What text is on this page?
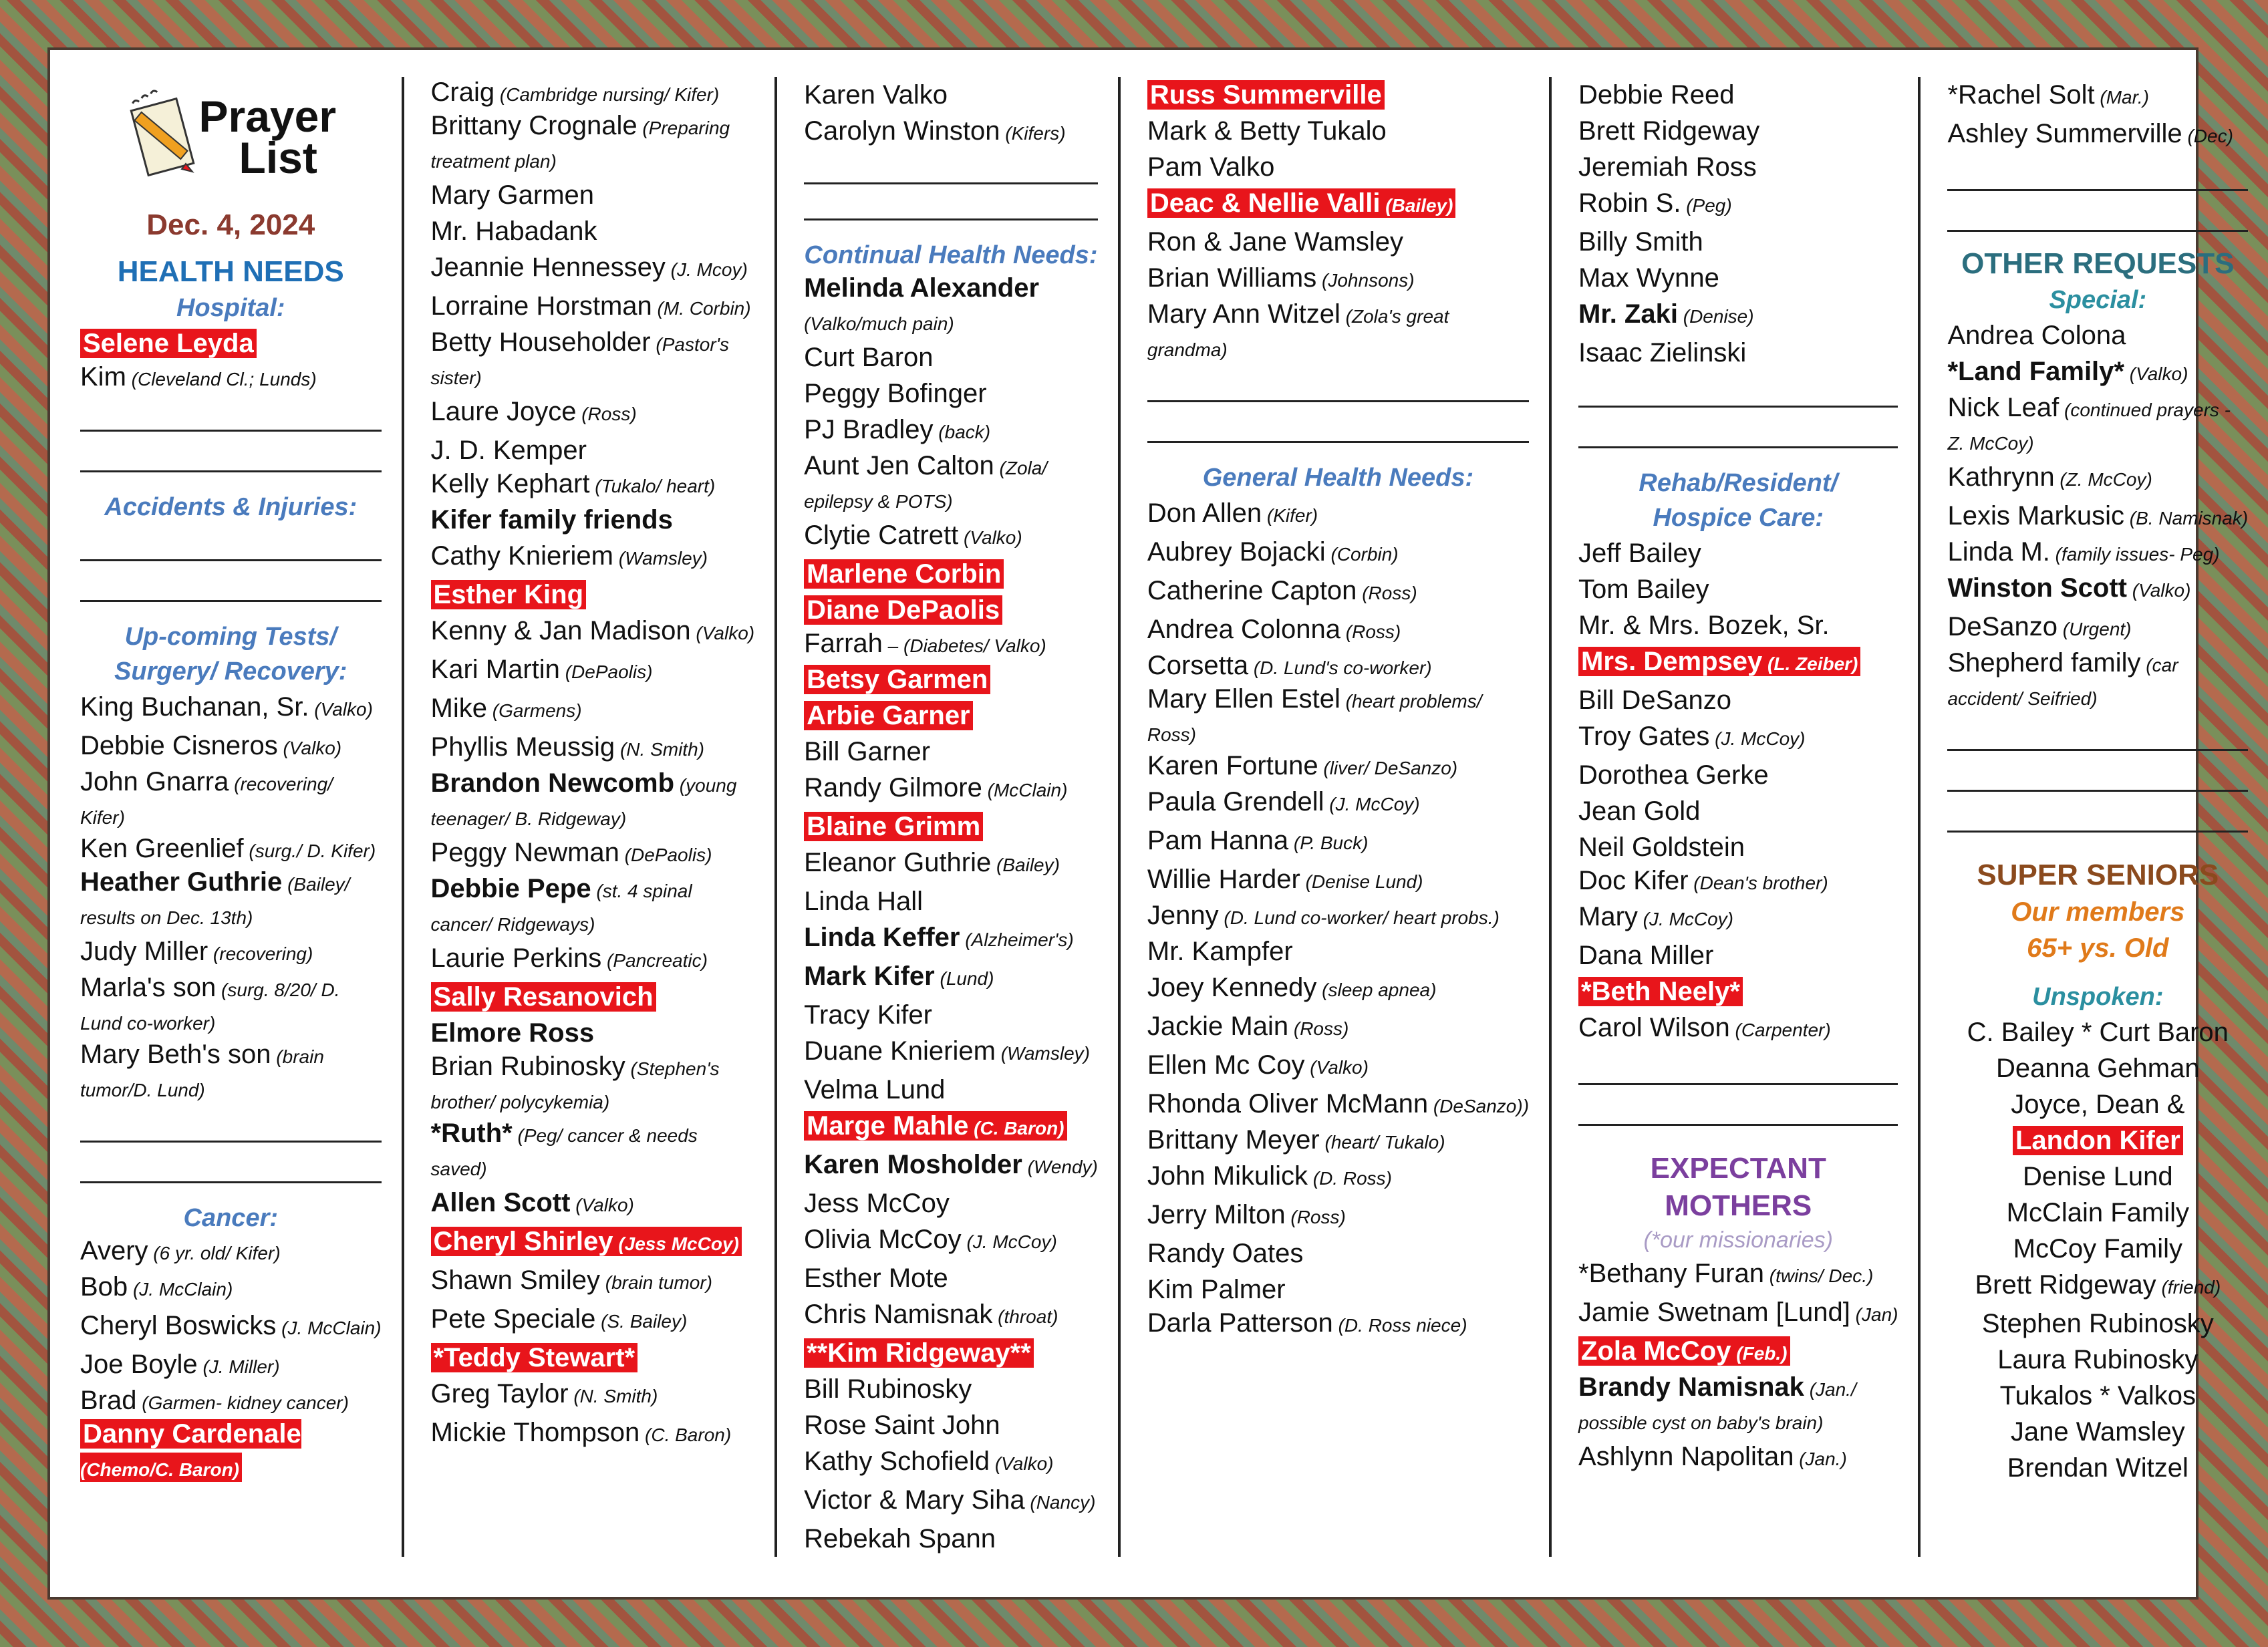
Prayer
List
Dec. 4, 2024
HEALTH NEEDS
Hospital:
Selene Leyda
Kim (Cleveland Cl.; Lunds)
Accidents & Injuries:
Up-coming Tests/
Surgery/ Recovery:
King Buchanan, Sr. (Valko)
Debbie Cisneros (Valko)
John Gnarra (recovering/ Kifer)
Ken Greenlief (surg./ D. Kifer)
Heather Guthrie (Bailey/ results on Dec. 13th)
Judy Miller (recovering)
Marla's son (surg. 8/20/ D. Lund co-worker)
Mary Beth's son (brain tumor/D. Lund)
Cancer:
Avery (6 yr. old/ Kifer)
Bob (J. McClain)
Cheryl Boswicks (J. McClain)
Joe Boyle (J. Miller)
Brad (Garmen- kidney cancer)
Danny Cardenale (Chemo/C. Baron)
Craig (Cambridge nursing/ Kifer)
Brittany Crognale (Preparing treatment plan)
Mary Garmen
Mr. Habadank
Jeannie Hennessey (J. Mcoy)
Lorraine Horstman (M. Corbin)
Betty Householder (Pastor's sister)
Laure Joyce (Ross)
J. D. Kemper
Kelly Kephart (Tukalo/ heart)
Kifer family friends
Cathy Knieriem (Wamsley)
Esther King
Kenny & Jan Madison (Valko)
Kari Martin (DePaolis)
Mike (Garmens)
Phyllis Meussig (N. Smith)
Brandon Newcomb (young teenager/ B. Ridgeway)
Peggy Newman (DePaolis)
Debbie Pepe (st. 4 spinal cancer/ Ridgeways)
Laurie Perkins (Pancreatic)
Sally Resanovich
Elmore Ross
Brian Rubinosky (Stephen's brother/ polycykemia)
*Ruth* (Peg/ cancer & needs saved)
Allen Scott (Valko)
Cheryl Shirley (Jess McCoy)
Shawn Smiley (brain tumor)
Pete Speciale (S. Bailey)
*Teddy Stewart*
Greg Taylor (N. Smith)
Mickie Thompson (C. Baron)
Karen Valko
Carolyn Winston (Kifers)
Continual Health Needs:
Melinda Alexander (Valko/much pain)
Curt Baron
Peggy Bofinger
PJ Bradley (back)
Aunt Jen Calton (Zola/ epilepsy & POTS)
Clytie Catrett (Valko)
Marlene Corbin
Diane DePaolis
Farrah – (Diabetes/ Valko)
Betsy Garmen
Arbie Garner
Bill Garner
Randy Gilmore (McClain)
Blaine Grimm
Eleanor Guthrie (Bailey)
Linda Hall
Linda Keffer (Alzheimer's)
Mark Kifer (Lund)
Tracy Kifer
Duane Knieriem (Wamsley)
Velma Lund
Marge Mahle (C. Baron)
Karen Mosholder (Wendy)
Jess McCoy
Olivia McCoy (J. McCoy)
Esther Mote
Chris Namisnak (throat)
**Kim Ridgeway**
Bill Rubinosky
Rose Saint John
Kathy Schofield (Valko)
Victor & Mary Siha (Nancy)
Rebekah Spann
Russ Summerville
Mark & Betty Tukalo
Pam Valko
Deac & Nellie Valli (Bailey)
Ron & Jane Wamsley
Brian Williams (Johnsons)
Mary Ann Witzel (Zola's great grandma)
General Health Needs:
Don Allen (Kifer)
Aubrey Bojacki (Corbin)
Catherine Capton (Ross)
Andrea Colonna (Ross)
Corsetta (D. Lund's co-worker)
Mary Ellen Estel (heart problems/ Ross)
Karen Fortune (liver/ DeSanzo)
Paula Grendell (J. McCoy)
Pam Hanna (P. Buck)
Willie Harder (Denise Lund)
Jenny (D. Lund co-worker/ heart probs.)
Mr. Kampfer
Joey Kennedy (sleep apnea)
Jackie Main (Ross)
Ellen Mc Coy (Valko)
Rhonda Oliver McMann (DeSanzo))
Brittany Meyer (heart/ Tukalo)
John Mikulick (D. Ross)
Jerry Milton (Ross)
Randy Oates
Kim Palmer
Darla Patterson (D. Ross niece)
Debbie Reed
Brett Ridgeway
Jeremiah Ross
Robin S. (Peg)
Billy Smith
Max Wynne
Mr. Zaki (Denise)
Isaac Zielinski
Rehab/Resident/
Hospice Care:
Jeff Bailey
Tom Bailey
Mr. & Mrs. Bozek, Sr.
Mrs. Dempsey (L. Zeiber)
Bill DeSanzo
Troy Gates (J. McCoy)
Dorothea Gerke
Jean Gold
Neil Goldstein
Doc Kifer (Dean's brother)
Mary (J. McCoy)
Dana Miller
*Beth Neely*
Carol Wilson (Carpenter)
EXPECTANT
MOTHERS
(*our missionaries)
*Bethany Furan (twins/ Dec.)
Jamie Swetnam [Lund] (Jan)
Zola McCoy (Feb.)
Brandy Namisnak (Jan./ possible cyst on baby's brain)
Ashlynn Napolitan (Jan.)
*Rachel Solt (Mar.)
Ashley Summerville (Dec)
OTHER REQUESTS
Special:
Andrea Colona
*Land Family* (Valko)
Nick Leaf (continued prayers - Z. McCoy)
Kathrynn (Z. McCoy)
Lexis Markusic (B. Namisnak)
Linda M. (family issues- Peg)
Winston Scott (Valko)
DeSanzo (Urgent)
Shepherd family (car accident/ Seifried)
SUPER SENIORS
Our members
65+ ys. Old
Unspoken:
C. Bailey * Curt Baron
Deanna Gehman
Joyce, Dean &
Landon Kifer
Denise Lund
McClain Family
McCoy Family
Brett Ridgeway (friend)
Stephen Rubinosky
Laura Rubinosky
Tukalos * Valkos
Jane Wamsley
Brendan Witzel
